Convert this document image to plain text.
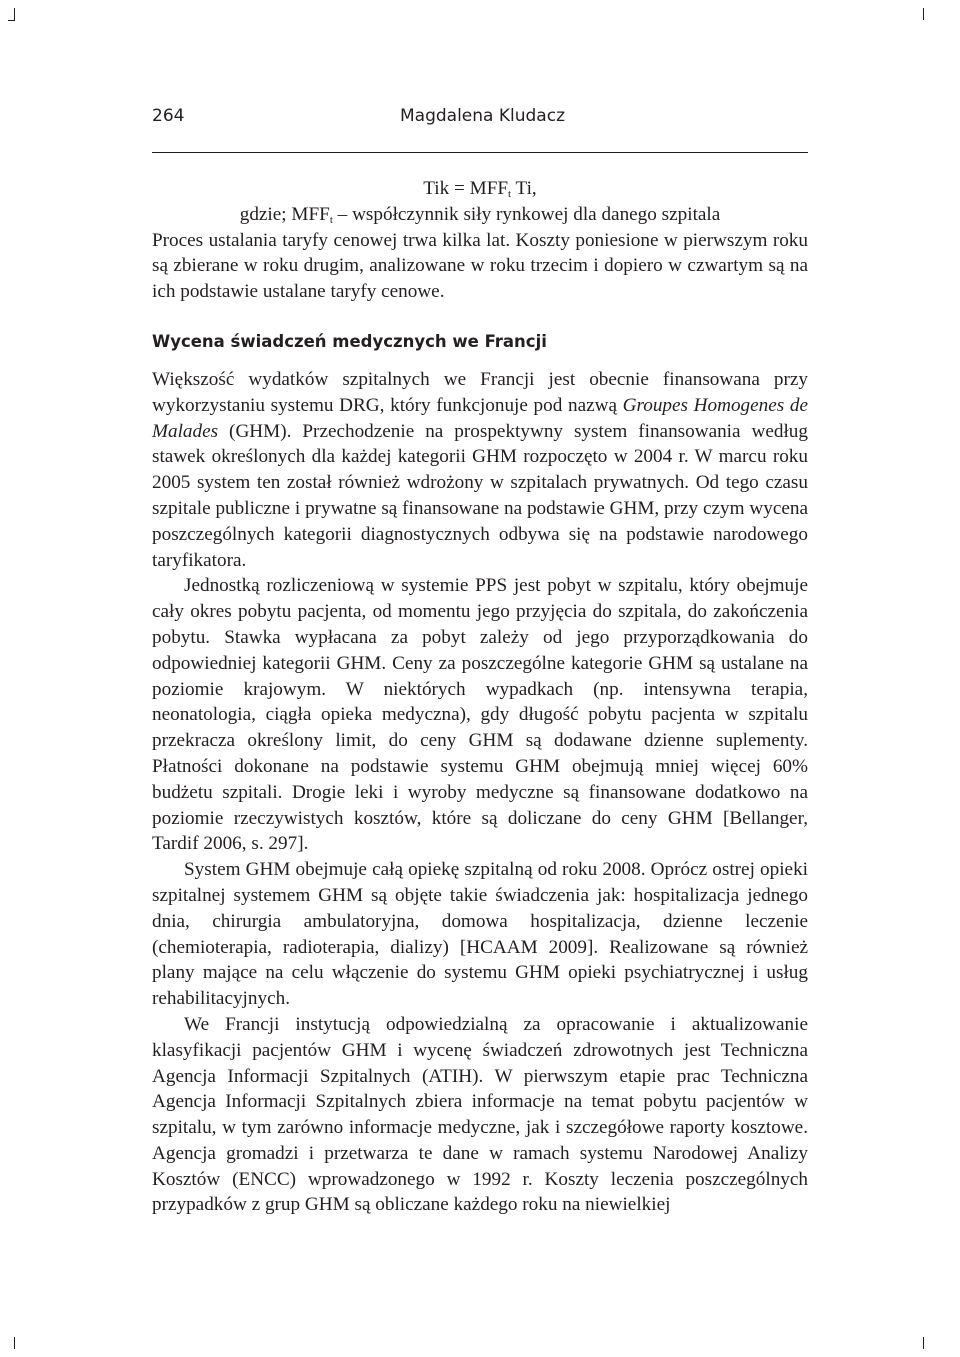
264	Magdalena Kludacz

Tik = $MFF_t$ Ti,

gdzie; $MFF_t$ – współczynnik siły rynkowej dla danego szpitala

Proces ustalania taryfy cenowej trwa kilka lat. Koszty poniesione w pierwszym roku są zbierane w roku drugim, analizowane w roku trzecim i dopiero w czwartym są na ich podstawie ustalane taryfy cenowe.

Wycena świadczeń medycznych we Francji

Większość wydatków szpitalnych we Francji jest obecnie finansowana przy wykorzystaniu systemu DRG, który funkcjonuje pod nazwą Groupes Homogenes de Malades (GHM). Przechodzenie na prospektywny system finansowania według stawek określonych dla każdej kategorii GHM rozpoczęto w 2004 r. W marcu roku 2005 system ten został również wdrożony w szpitalach prywatnych. Od tego czasu szpitale publiczne i prywatne są finansowane na podstawie GHM, przy czym wycena poszczególnych kategorii diagnostycznych odbywa się na podstawie narodowego taryfikatora.

Jednostką rozliczeniową w systemie PPS jest pobyt w szpitalu, który obejmuje cały okres pobytu pacjenta, od momentu jego przyjęcia do szpitala, do zakończenia pobytu. Stawka wypłacana za pobyt zależy od jego przyporządkowania do odpowiedniej kategorii GHM. Ceny za poszczególne kategorie GHM są ustalane na poziomie krajowym. W niektórych wypadkach (np. intensywna terapia, neonatologia, ciągła opieka medyczna), gdy długość pobytu pacjenta w szpitalu przekracza określony limit, do ceny GHM są dodawane dzienne suplementy. Płatności dokonane na podstawie systemu GHM obejmują mniej więcej 60% budżetu szpitali. Drogie leki i wyroby medyczne są finansowane dodatkowo na poziomie rzeczywistych kosztów, które są doliczane do ceny GHM [Bellanger, Tardif 2006, s. 297].

System GHM obejmuje całą opiekę szpitalną od roku 2008. Oprócz ostrej opieki szpitalnej systemem GHM są objęte takie świadczenia jak: hospitalizacja jednego dnia, chirurgia ambulatoryjna, domowa hospitalizacja, dzienne leczenie (chemioterapia, radioterapia, dializy) [HCAAM 2009]. Realizowane są również plany mające na celu włączenie do systemu GHM opieki psychiatrycznej i usług rehabilitacyjnych.

We Francji instytucją odpowiedzialną za opracowanie i aktualizowanie klasyfikacji pacjentów GHM i wycenę świadczeń zdrowotnych jest Techniczna Agencja Informacji Szpitalnych (ATIH). W pierwszym etapie prac Techniczna Agencja Informacji Szpitalnych zbiera informacje na temat pobytu pacjentów w szpitalu, w tym zarówno informacje medyczne, jak i szczegółowe raporty kosztowe. Agencja gromadzi i przetwarza te dane w ramach systemu Narodowej Analizy Kosztów (ENCC) wprowadzonego w 1992 r. Koszty leczenia poszczególnych przypadków z grup GHM są obliczane każdego roku na niewielkiej
